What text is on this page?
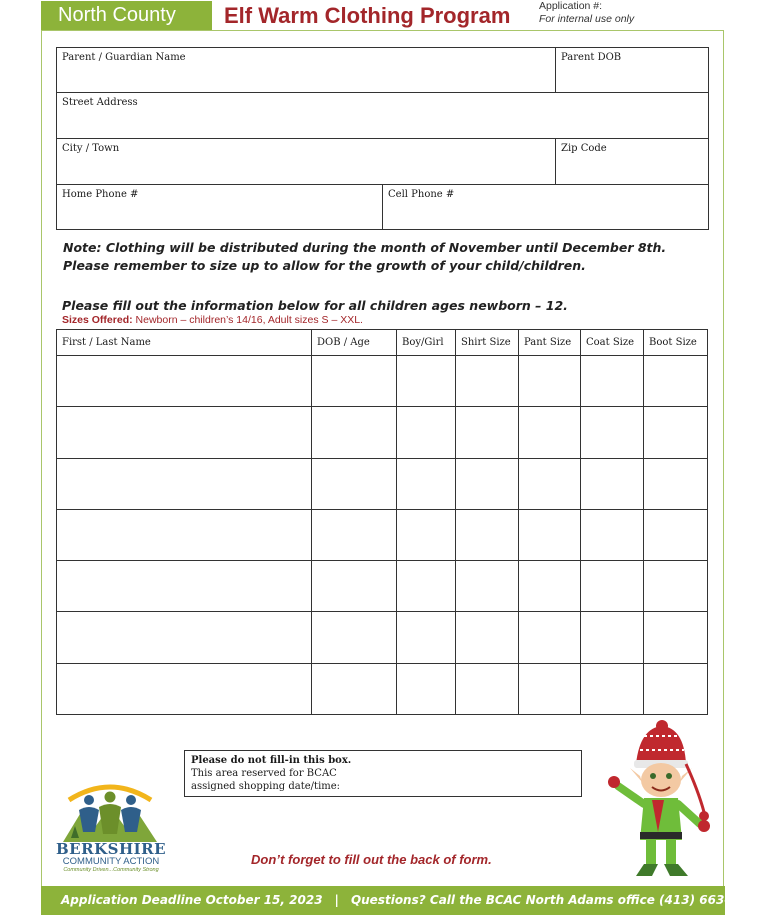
North County	Elf Warm Clothing Program	Application #:
For internal use only
Parent / Guardian Name	Parent DOB
Street Address
City / Town	Zip Code
Home Phone #	Cell Phone #
Note: Clothing will be distributed during the month of November until December 8th. Please remember to size up to allow for the growth of your child/children.
Please fill out the information below for all children ages newborn – 12.
Sizes Offered: Newborn – children’s 14/16, Adult sizes S – XXL.
First / Last Name	DOB / Age	Boy/Girl	Shirt Size	Pant Size	Coat Size	Boot Size

Please do not fill-in this box.
This area reserved for BCAC
assigned shopping date/time:
BERKSHIRE
COMMUNITY ACTION
Community Driven...Community Strong
Don’t forget to fill out the back of form.
Application Deadline October 15, 2023 | Questions? Call the BCAC North Adams office (413) 663–3014
